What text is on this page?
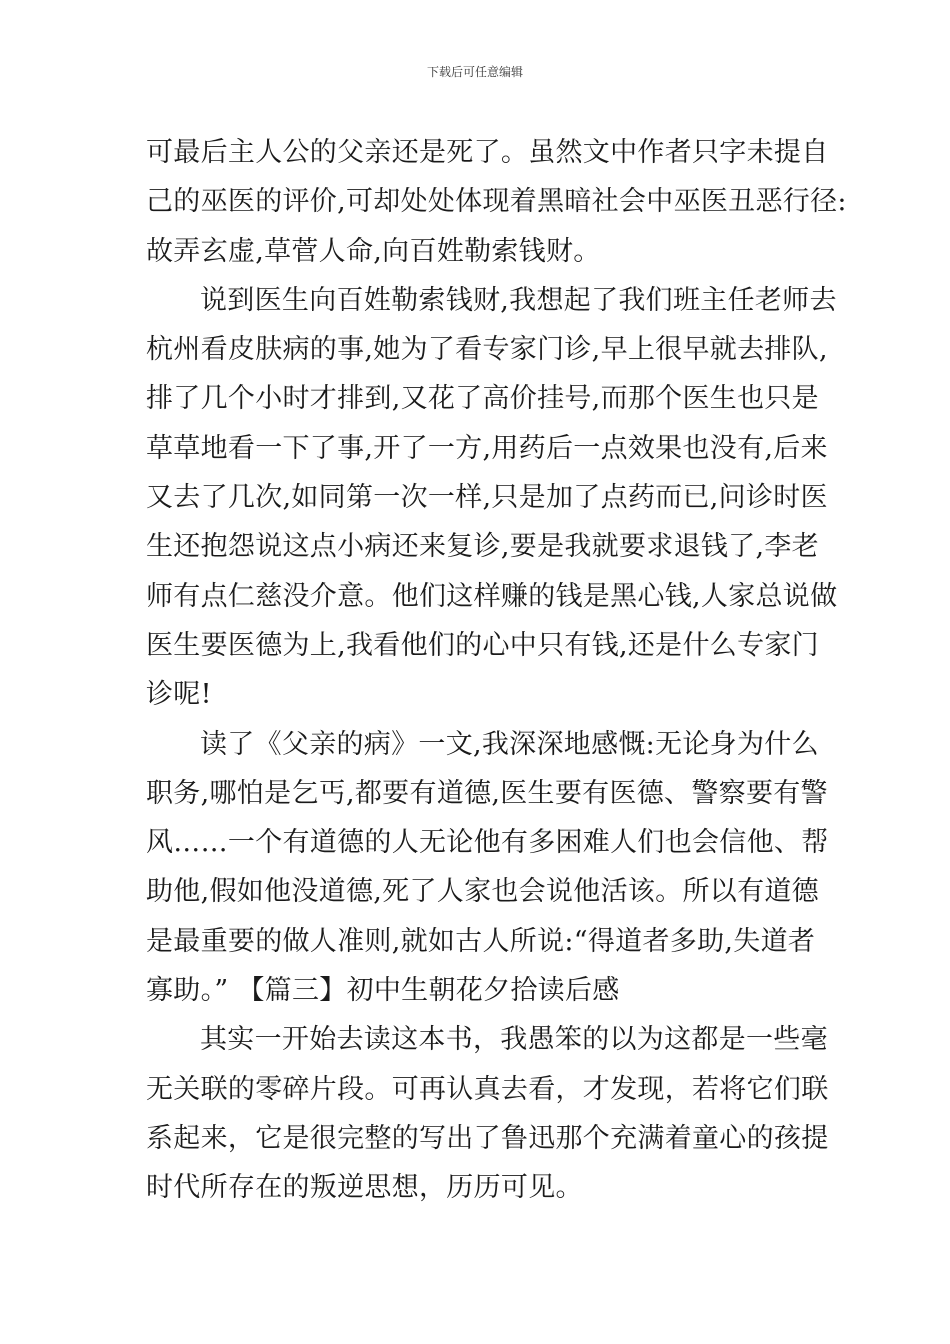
下载后可任意编辑
可最后主人公的父亲还是死了。虽然文中作者只字未提自
己的巫医的评价,可却处处体现着黑暗社会中巫医丑恶行径:
故弄玄虚,草菅人命,向百姓勒索钱财。
说到医生向百姓勒索钱财,我想起了我们班主任老师去
杭州看皮肤病的事,她为了看专家门诊,早上很早就去排队,
排了几个小时才排到,又花了高价挂号,而那个医生也只是
草草地看一下了事,开了一方,用药后一点效果也没有,后来
又去了几次,如同第一次一样,只是加了点药而已,问诊时医
生还抱怨说这点小病还来复诊,要是我就要求退钱了,李老
师有点仁慈没介意。他们这样赚的钱是黑心钱,人家总说做
医生要医德为上,我看他们的心中只有钱,还是什么专家门
诊呢!
读了《父亲的病》一文,我深深地感慨:无论身为什么
职务,哪怕是乞丐,都要有道德,医生要有医德、警察要有警
风……一个有道德的人无论他有多困难人们也会信他、帮
助他,假如他没道德,死了人家也会说他活该。所以有道德
是最重要的做人准则,就如古人所说:“得道者多助,失道者
寡助。” 【篇三】初中生朝花夕拾读后感
其实一开始去读这本书，我愚笨的以为这都是一些毫
无关联的零碎片段。可再认真去看，才发现，若将它们联
系起来，它是很完整的写出了鲁迅那个充满着童心的孩提
时代所存在的叛逆思想，历历可见。
